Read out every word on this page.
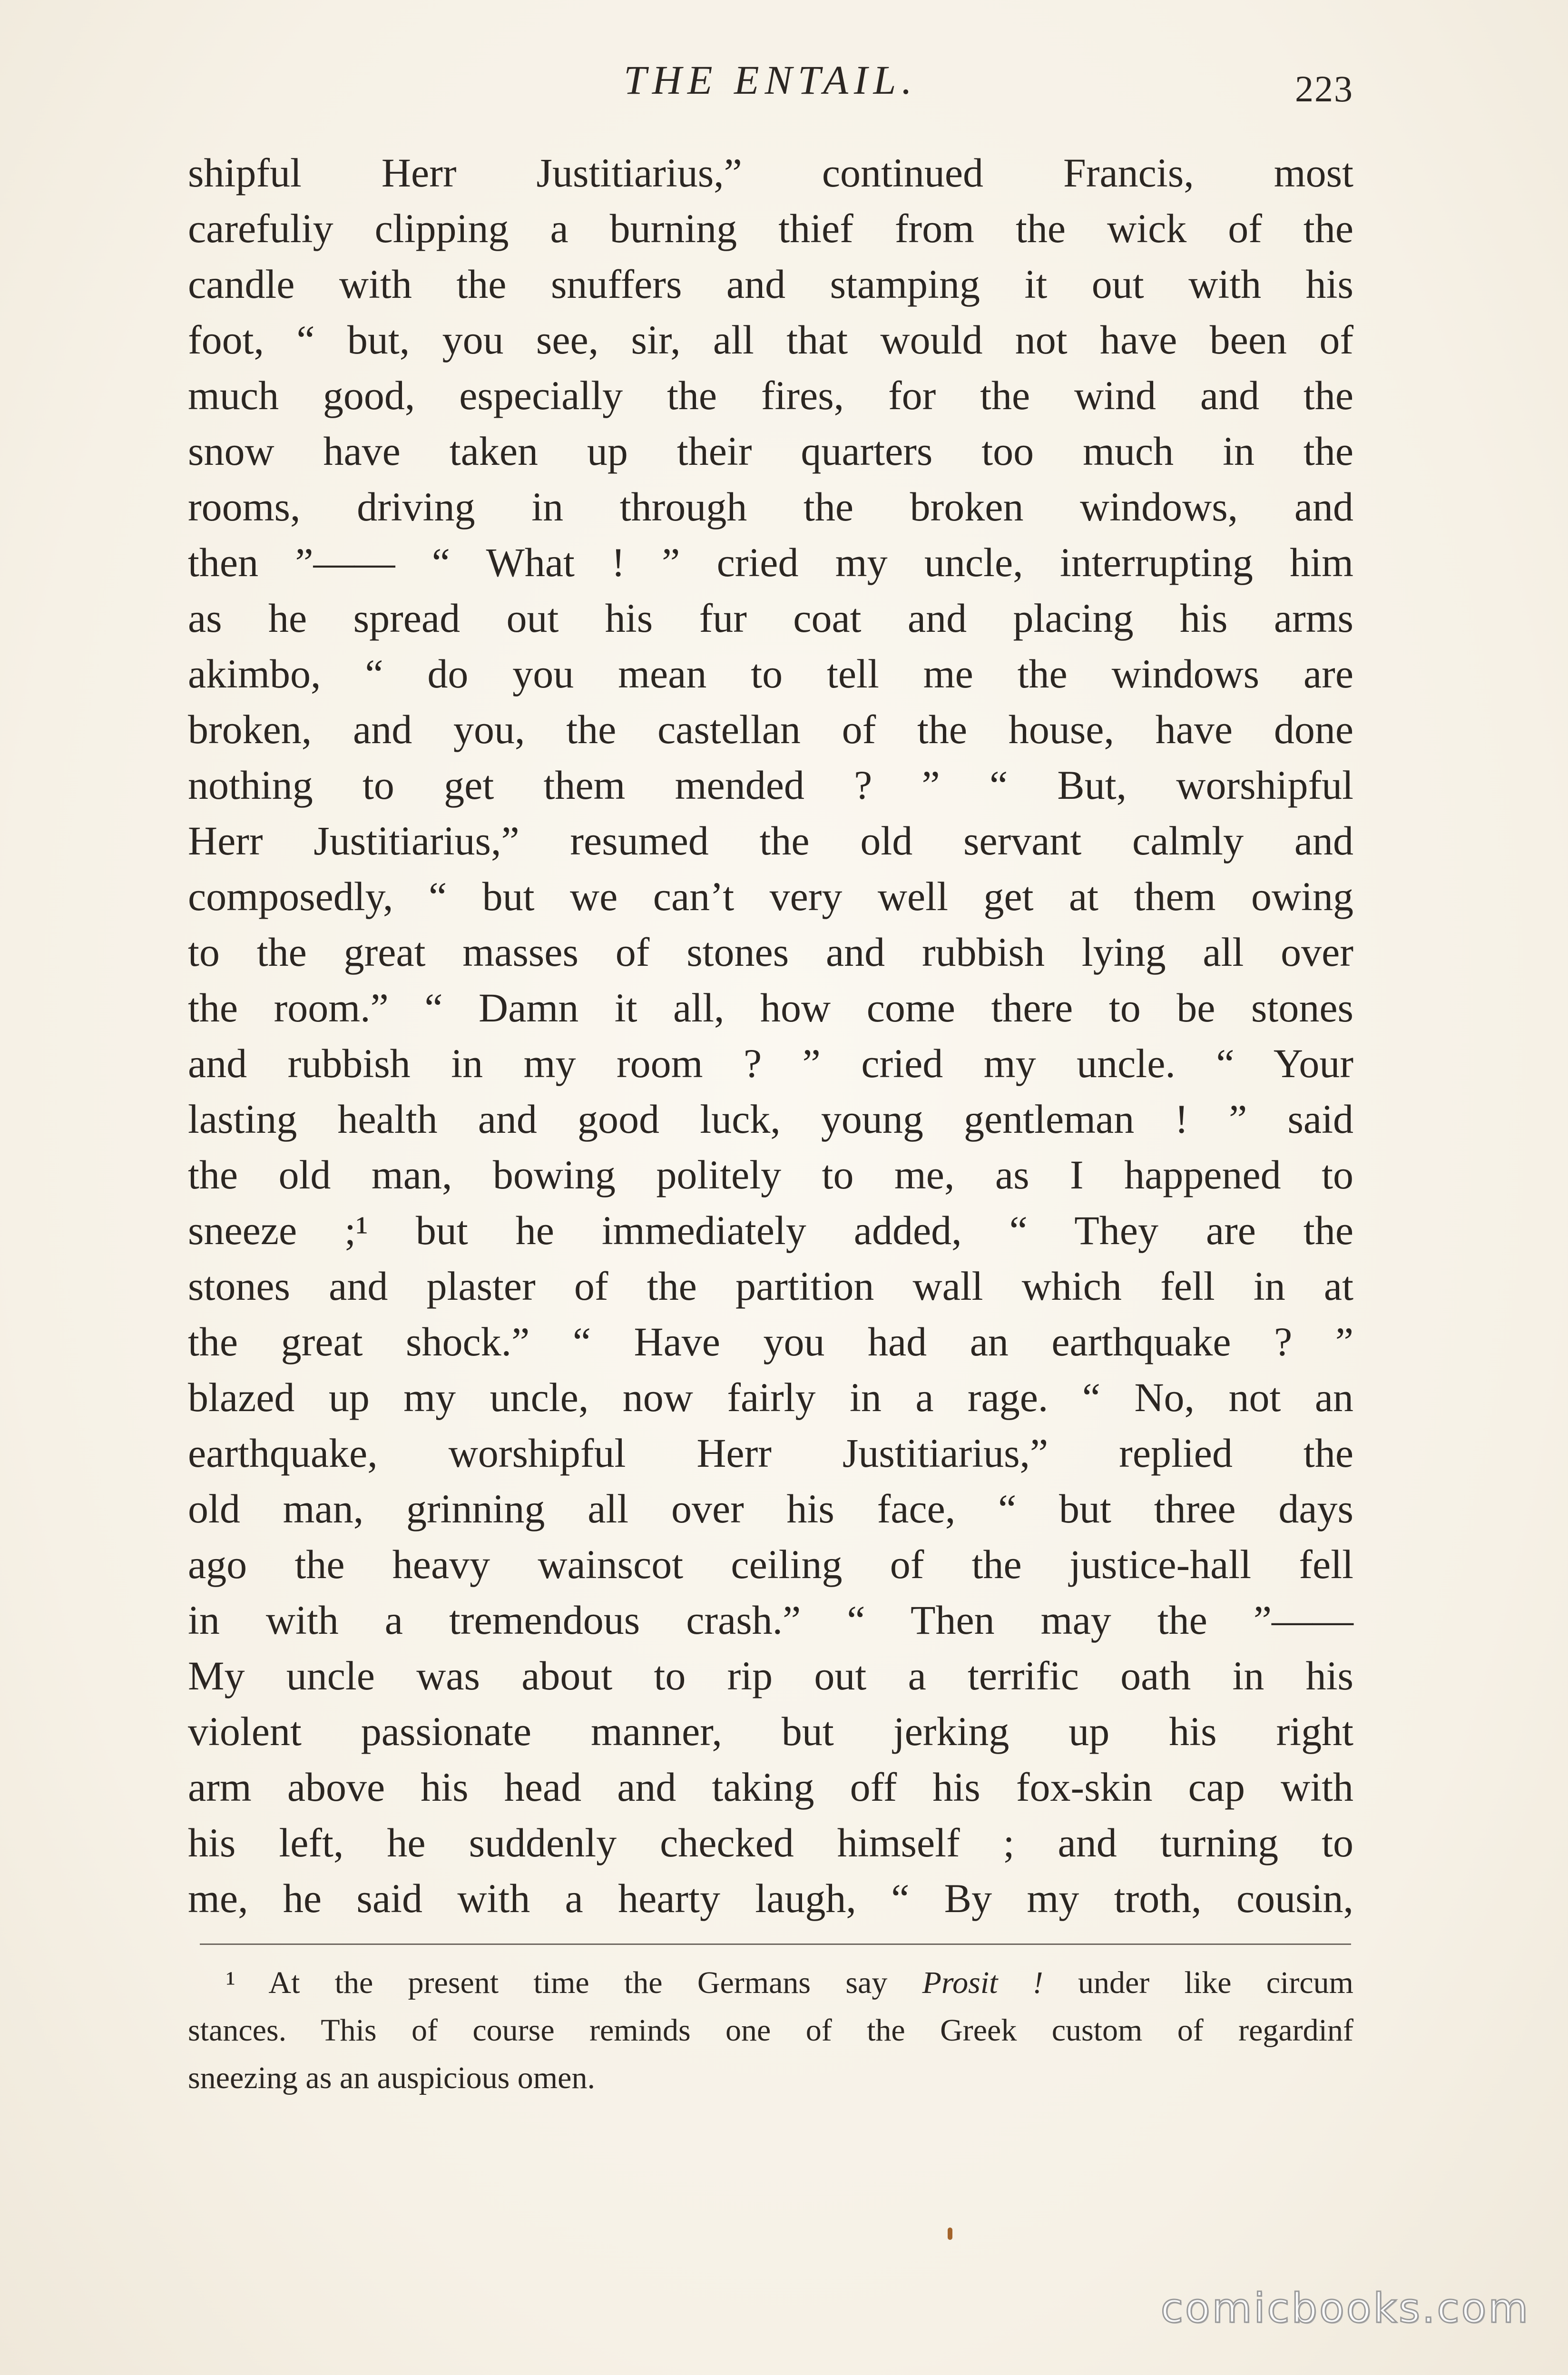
THE ENTAIL.	223
shipful Herr Justitiarius,” continued Francis, most
carefuliy clipping a burning thief from the wick of the
candle with the snuffers and stamping it out with his
foot, “ but, you see, sir, all that would not have been of
much good, especially the fires, for the wind and the
snow have taken up their quarters too much in the
rooms, driving in through the broken windows, and
then ”—— “ What ! ” cried my uncle, interrupting him
as he spread out his fur coat and placing his arms
akimbo, “ do you mean to tell me the windows are
broken, and you, the castellan of the house, have done
nothing to get them mended ? ” “ But, worshipful
Herr Justitiarius,” resumed the old servant calmly and
composedly, “ but we can’t very well get at them owing
to the great masses of stones and rubbish lying all over
the room.” “ Damn it all, how come there to be stones
and rubbish in my room ? ” cried my uncle. “ Your
lasting health and good luck, young gentleman ! ” said
the old man, bowing politely to me, as I happened to
sneeze ;¹ but he immediately added, “ They are the
stones and plaster of the partition wall which fell in at
the great shock.” “ Have you had an earthquake ? ”
blazed up my uncle, now fairly in a rage. “ No, not an
earthquake, worshipful Herr Justitiarius,” replied the
old man, grinning all over his face, “ but three days
ago the heavy wainscot ceiling of the justice-hall fell
in with a tremendous crash.” “ Then may the ”——
My uncle was about to rip out a terrific oath in his
violent passionate manner, but jerking up his right
arm above his head and taking off his fox-skin cap with
his left, he suddenly checked himself ; and turning to
me, he said with a hearty laugh, “ By my troth, cousin,
¹ At the present time the Germans say Prosit ! under like circum
stances. This of course reminds one of the Greek custom of regardinf
sneezing as an auspicious omen.
comicbooks.com
